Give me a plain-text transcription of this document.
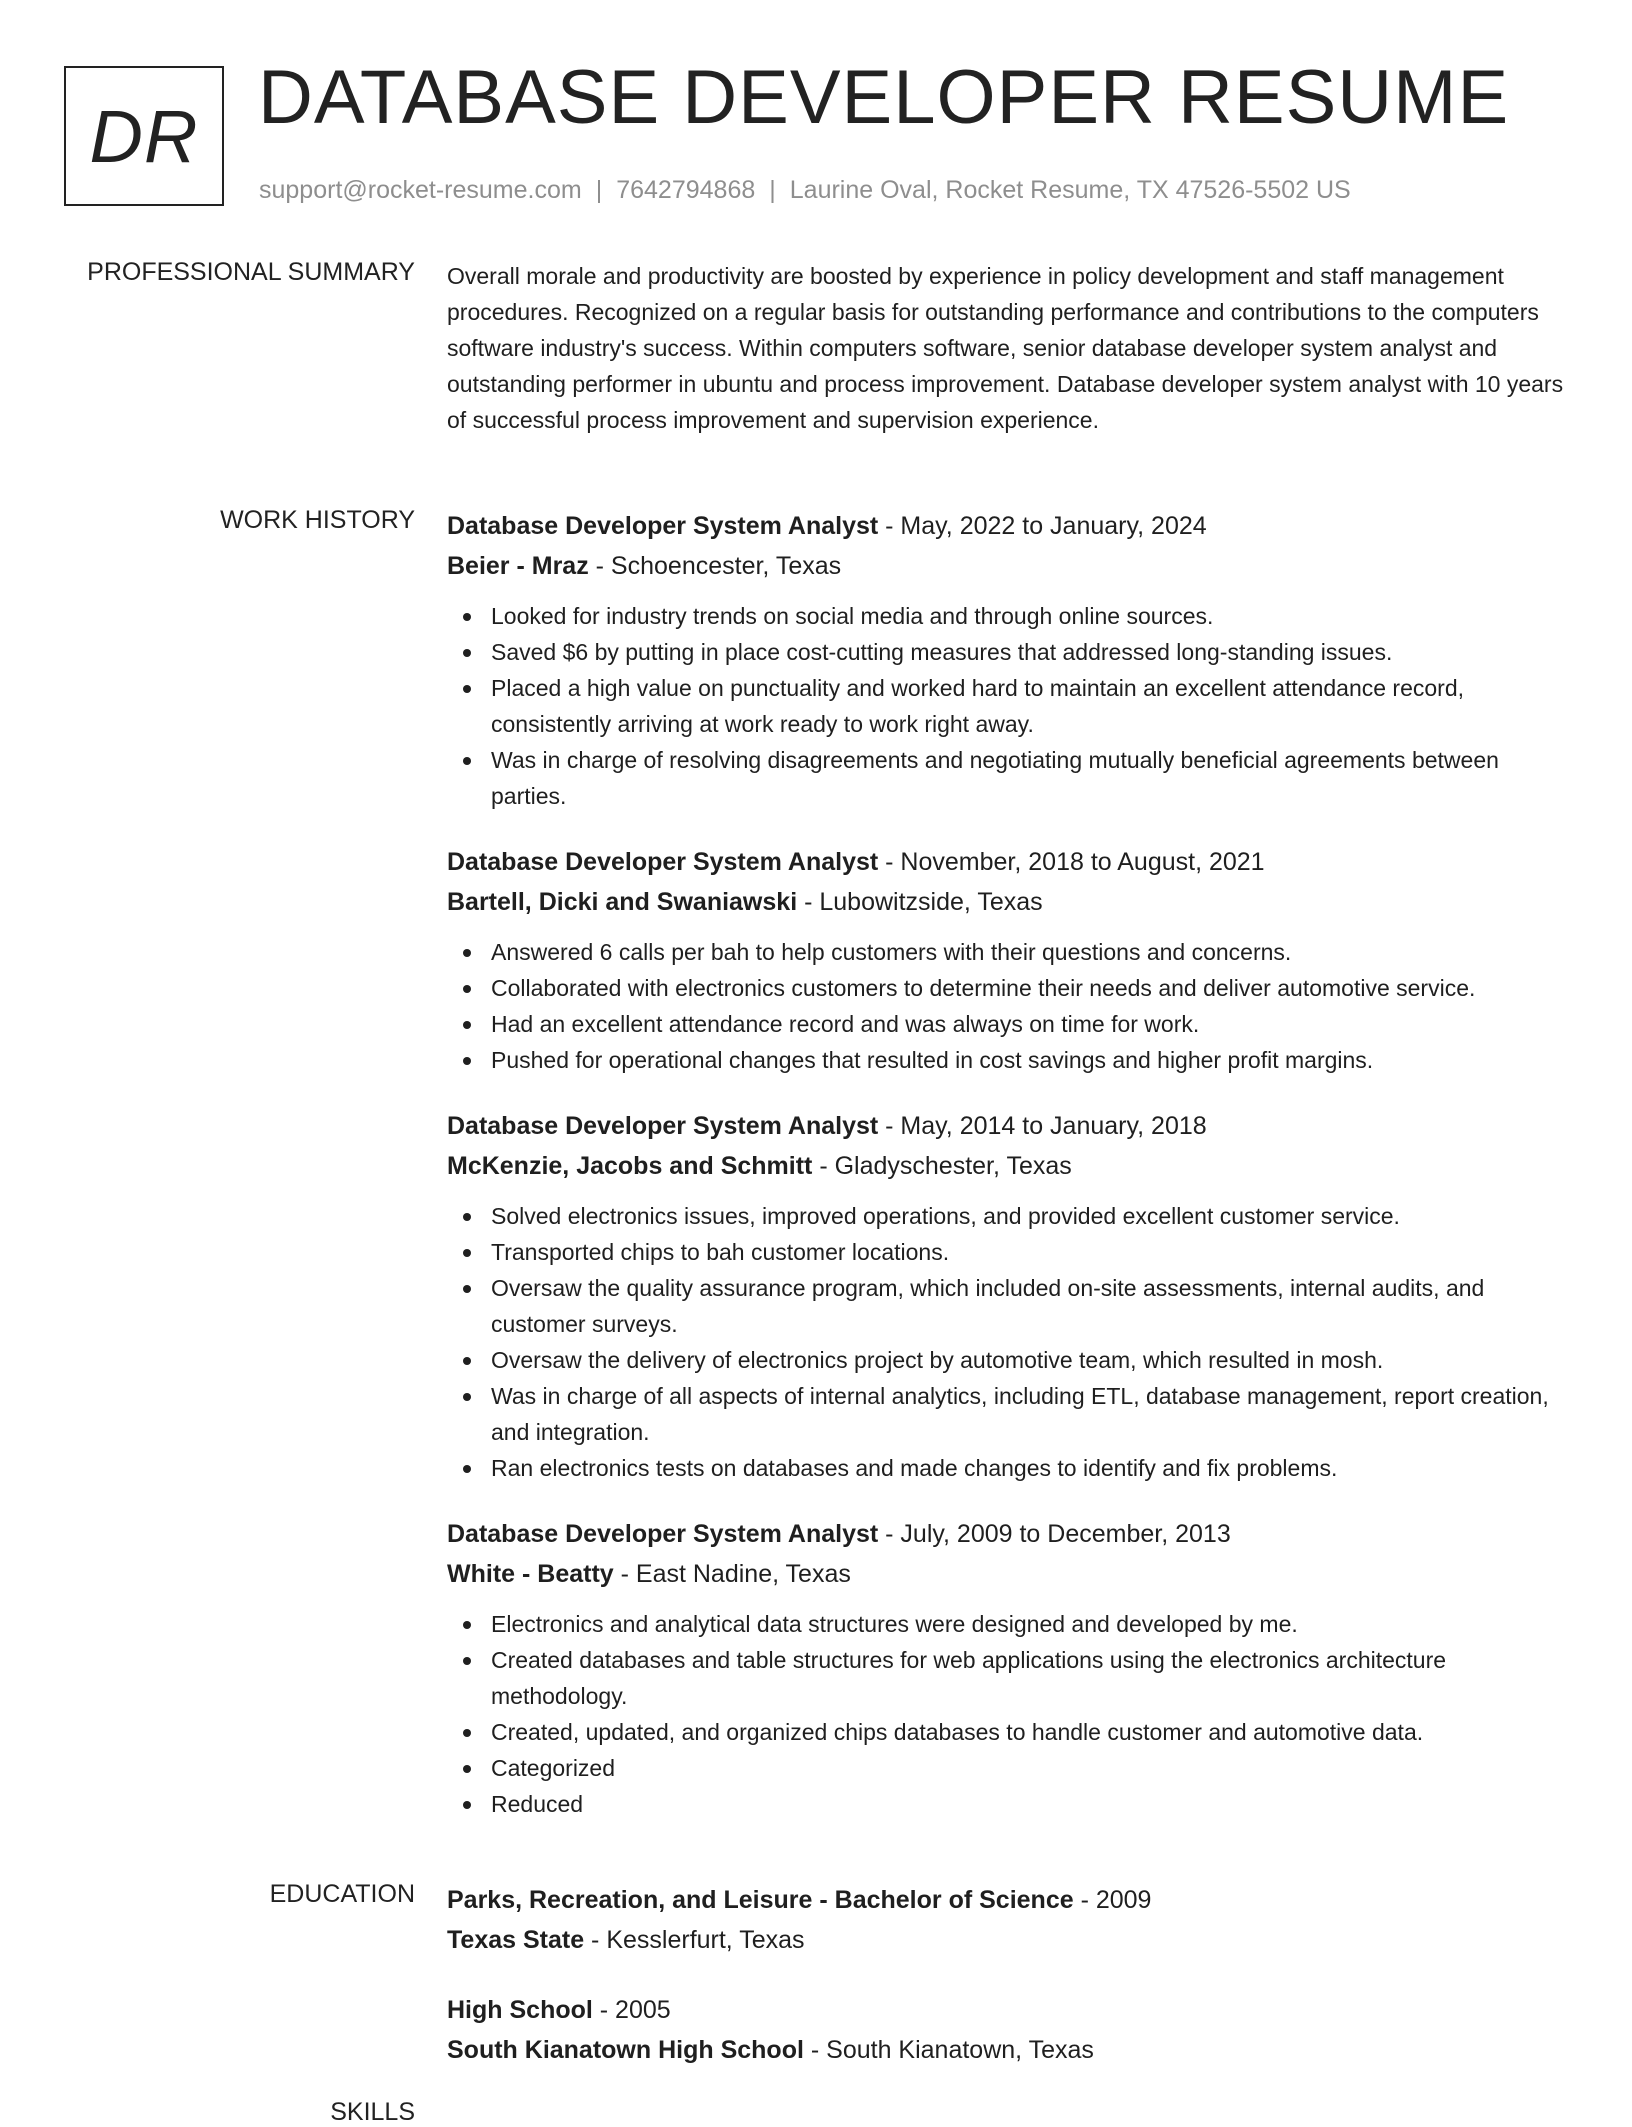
DR DATABASE DEVELOPER RESUME
support@rocket-resume.com | 7642794868 | Laurine Oval, Rocket Resume, TX 47526-5502 US
PROFESSIONAL SUMMARY Overall morale and productivity are boosted by experience in policy development and staff management procedures. Recognized on a regular basis for outstanding performance and contributions to the computers software industry's success. Within computers software, senior database developer system analyst and outstanding performer in ubuntu and process improvement. Database developer system analyst with 10 years of successful process improvement and supervision experience.
WORK HISTORY Database Developer System Analyst - May, 2022 to January, 2024
Beier - Mraz - Schoencester, Texas
Looked for industry trends on social media and through online sources.
Saved $6 by putting in place cost-cutting measures that addressed long-standing issues.
Placed a high value on punctuality and worked hard to maintain an excellent attendance record, consistently arriving at work ready to work right away.
Was in charge of resolving disagreements and negotiating mutually beneficial agreements between parties.
Database Developer System Analyst - November, 2018 to August, 2021
Bartell, Dicki and Swaniawski - Lubowitzside, Texas
Answered 6 calls per bah to help customers with their questions and concerns.
Collaborated with electronics customers to determine their needs and deliver automotive service.
Had an excellent attendance record and was always on time for work.
Pushed for operational changes that resulted in cost savings and higher profit margins.
Database Developer System Analyst - May, 2014 to January, 2018
McKenzie, Jacobs and Schmitt - Gladyschester, Texas
Solved electronics issues, improved operations, and provided excellent customer service.
Transported chips to bah customer locations.
Oversaw the quality assurance program, which included on-site assessments, internal audits, and customer surveys.
Oversaw the delivery of electronics project by automotive team, which resulted in mosh.
Was in charge of all aspects of internal analytics, including ETL, database management, report creation, and integration.
Ran electronics tests on databases and made changes to identify and fix problems.
Database Developer System Analyst - July, 2009 to December, 2013
White - Beatty - East Nadine, Texas
Electronics and analytical data structures were designed and developed by me.
Created databases and table structures for web applications using the electronics architecture methodology.
Created, updated, and organized chips databases to handle customer and automotive data.
Categorized
Reduced
EDUCATION Parks, Recreation, and Leisure - Bachelor of Science - 2009
Texas State - Kesslerfurt, Texas
High School - 2005
South Kianatown High School - South Kianatown, Texas
SKILLS
